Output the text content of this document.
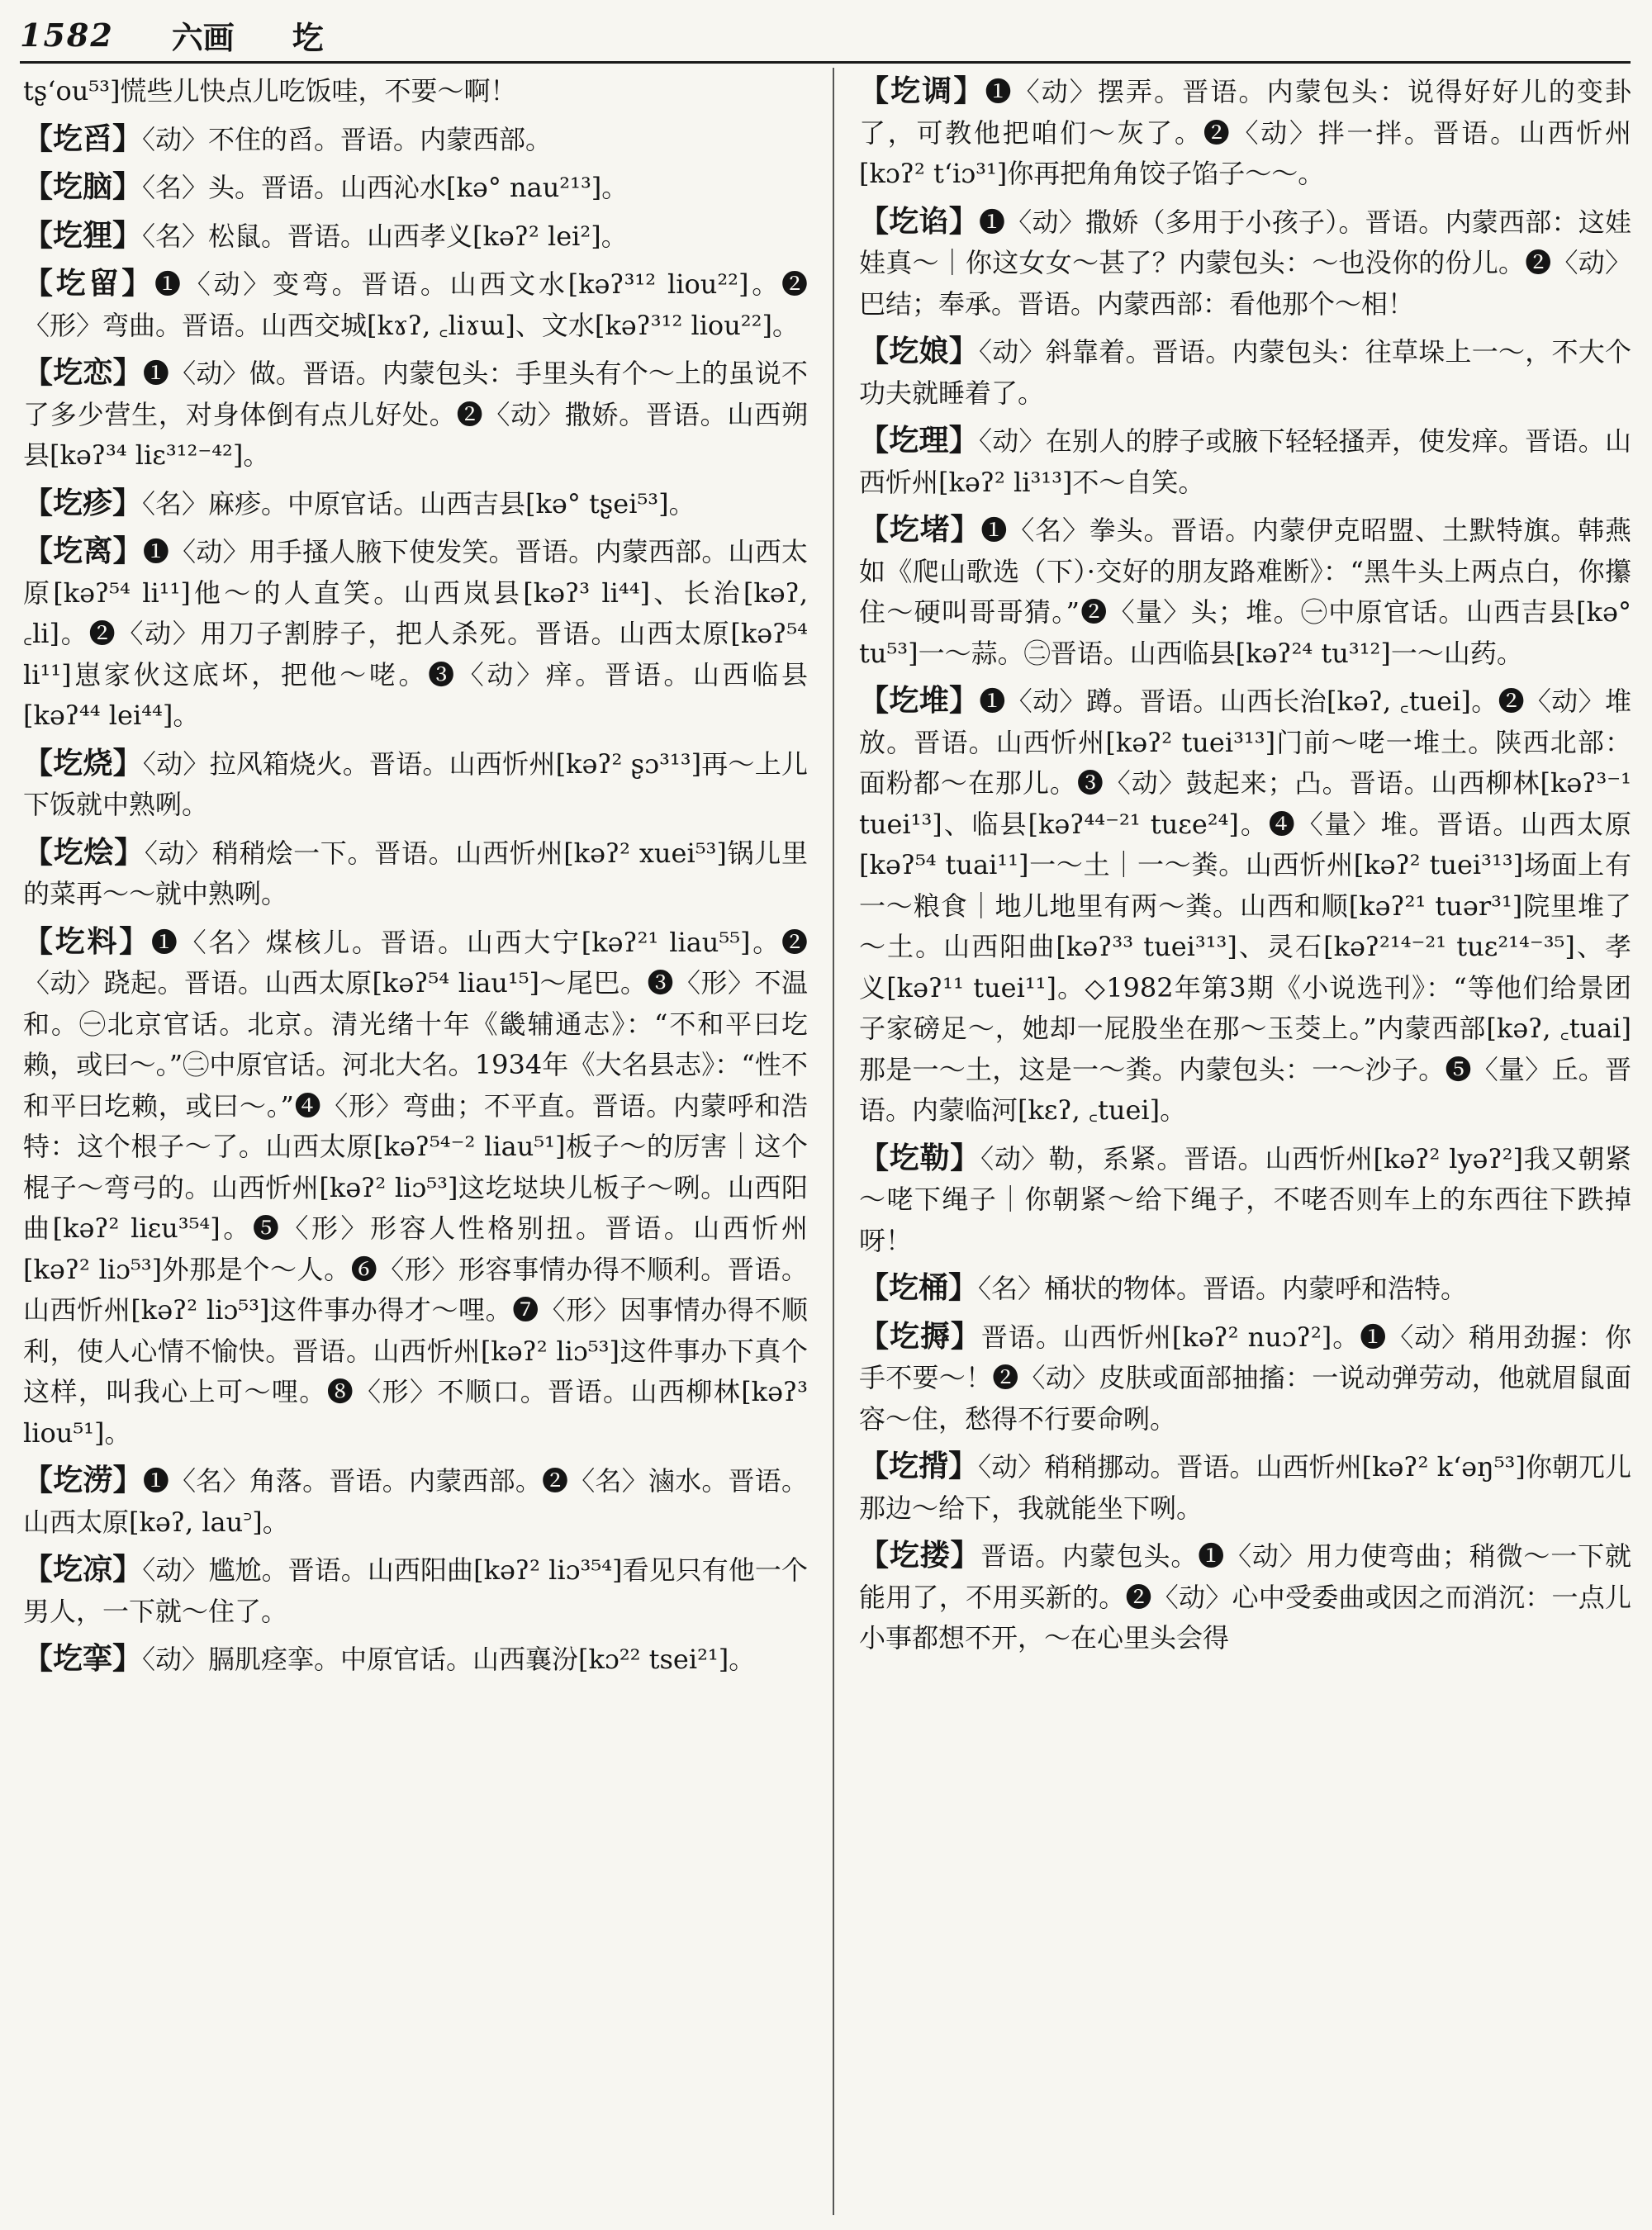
1582 六画 圪

tʂ‘ou⁵³]慌些儿快点儿吃饭哇，不要～啊！

【圪舀】〈动〉不住的舀。晋语。内蒙西部。

【圪脑】〈名〉头。晋语。山西沁水[kə° nau²¹³]。

【圪狸】〈名〉松鼠。晋语。山西孝义[kəʔ² lei²]。

【圪留】❶〈动〉变弯。晋语。山西文水[kəʔ³¹² liou²²]。❷〈形〉弯曲。晋语。山西交城[kɤʔ, ꜀liɤɯ]、文水[kəʔ³¹² liou²²]。

【圪恋】❶〈动〉做。晋语。内蒙包头：手里头有个～上的虽说不了多少营生，对身体倒有点儿好处。❷〈动〉撒娇。晋语。山西朔县[kəʔ³⁴ liɛ³¹²⁻⁴²]。

【圪疹】〈名〉麻疹。中原官话。山西吉县[kə° tʂei⁵³]。

【圪离】❶〈动〉用手搔人腋下使发笑。晋语。内蒙西部。山西太原[kəʔ⁵⁴ li¹¹]他～的人直笑。山西岚县[kəʔ³ li⁴⁴]、长治[kəʔ, ꜀li]。❷〈动〉用刀子割脖子，把人杀死。晋语。山西太原[kəʔ⁵⁴ li¹¹]崽家伙这底坏，把他～咾。❸〈动〉痒。晋语。山西临县[kəʔ⁴⁴ lei⁴⁴]。

【圪烧】〈动〉拉风箱烧火。晋语。山西忻州[kəʔ² ʂɔ³¹³]再～上儿下饭就中熟咧。

【圪烩】〈动〉稍稍烩一下。晋语。山西忻州[kəʔ² xuei⁵³]锅儿里的菜再～～就中熟咧。

【圪料】❶〈名〉煤核儿。晋语。山西大宁[kəʔ²¹ liau⁵⁵]。❷〈动〉跷起。晋语。山西太原[kəʔ⁵⁴ liau¹⁵]～尾巴。❸〈形〉不温和。㊀北京官话。北京。清光绪十年《畿辅通志》：“不和平曰圪赖，或曰～。”㊁中原官话。河北大名。1934年《大名县志》：“性不和平曰圪赖，或曰～。”❹〈形〉弯曲；不平直。晋语。内蒙呼和浩特：这个根子～了。山西太原[kəʔ⁵⁴⁻² liau⁵¹]板子～的厉害｜这个棍子～弯弓的。山西忻州[kəʔ² liɔ⁵³]这圪垯块儿板子～咧。山西阳曲[kəʔ² liɛu³⁵⁴]。❺〈形〉形容人性格别扭。晋语。山西忻州[kəʔ² liɔ⁵³]外那是个～人。❻〈形〉形容事情办得不顺利。晋语。山西忻州[kəʔ² liɔ⁵³]这件事办得才～哩。❼〈形〉因事情办得不顺利，使人心情不愉快。晋语。山西忻州[kəʔ² liɔ⁵³]这件事办下真个这样，叫我心上可～哩。❽〈形〉不顺口。晋语。山西柳林[kəʔ³ liou⁵¹]。

【圪涝】❶〈名〉角落。晋语。内蒙西部。❷〈名〉滷水。晋语。山西太原[kəʔ, lau꜄]。

【圪凉】〈动〉尴尬。晋语。山西阳曲[kəʔ² liɔ³⁵⁴]看见只有他一个男人，一下就～住了。

【圪挛】〈动〉膈肌痉挛。中原官话。山西襄汾[kɔ²² tsei²¹]。

【圪调】❶〈动〉摆弄。晋语。内蒙包头：说得好好儿的变卦了，可教他把咱们～灰了。❷〈动〉拌一拌。晋语。山西忻州[kɔʔ² t‘iɔ³¹]你再把角角饺子馅子～～。

【圪谄】❶〈动〉撒娇（多用于小孩子）。晋语。内蒙西部：这娃娃真～｜你这女女～甚了？内蒙包头：～也没你的份儿。❷〈动〉巴结；奉承。晋语。内蒙西部：看他那个～相！

【圪娘】〈动〉斜靠着。晋语。内蒙包头：往草垛上一～，不大个功夫就睡着了。

【圪理】〈动〉在别人的脖子或腋下轻轻搔弄，使发痒。晋语。山西忻州[kəʔ² li³¹³]不～自笑。

【圪堵】❶〈名〉拳头。晋语。内蒙伊克昭盟、土默特旗。韩燕如《爬山歌选（下）·交好的朋友路难断》：“黑牛头上两点白，你攥住～硬叫哥哥猜。”❷〈量〉头；堆。㊀中原官话。山西吉县[kə° tu⁵³]一～蒜。㊁晋语。山西临县[kəʔ²⁴ tu³¹²]一～山药。

【圪堆】❶〈动〉蹲。晋语。山西长治[kəʔ, ꜀tuei]。❷〈动〉堆放。晋语。山西忻州[kəʔ² tuei³¹³]门前～咾一堆土。陕西北部：面粉都～在那儿。❸〈动〉鼓起来；凸。晋语。山西柳林[kəʔ³⁻¹ tuei¹³]、临县[kəʔ⁴⁴⁻²¹ tuɛe²⁴]。❹〈量〉堆。晋语。山西太原[kəʔ⁵⁴ tuai¹¹]一～土｜一～粪。山西忻州[kəʔ² tuei³¹³]场面上有一～粮食｜地儿地里有两～粪。山西和顺[kəʔ²¹ tuər³¹]院里堆了～土。山西阳曲[kəʔ³³ tuei³¹³]、灵石[kəʔ²¹⁴⁻²¹ tuɛ²¹⁴⁻³⁵]、孝义[kəʔ¹¹ tuei¹¹]。◇1982年第3期《小说选刊》：“等他们给景团子家磅足～，她却一屁股坐在那～玉茭上。”内蒙西部[kəʔ, ꜀tuai]那是一～土，这是一～粪。内蒙包头：一～沙子。❺〈量〉丘。晋语。内蒙临河[kɛʔ, ꜀tuei]。

【圪勒】〈动〉勒，系紧。晋语。山西忻州[kəʔ² lyəʔ²]我又朝紧～咾下绳子｜你朝紧～给下绳子，不咾否则车上的东西往下跌掉呀！

【圪桶】〈名〉桶状的物体。晋语。内蒙呼和浩特。

【圪搙】晋语。山西忻州[kəʔ² nuɔʔ²]。❶〈动〉稍用劲握：你手不要～！❷〈动〉皮肤或面部抽搐：一说动弹劳动，他就眉鼠面容～住，愁得不行要命咧。

【圪揹】〈动〉稍稍挪动。晋语。山西忻州[kəʔ² k‘əŋ⁵³]你朝兀儿那边～给下，我就能坐下咧。

【圪搂】晋语。内蒙包头。❶〈动〉用力使弯曲；稍微～一下就能用了，不用买新的。❷〈动〉心中受委曲或因之而消沉：一点儿小事都想不开，～在心里头会得
